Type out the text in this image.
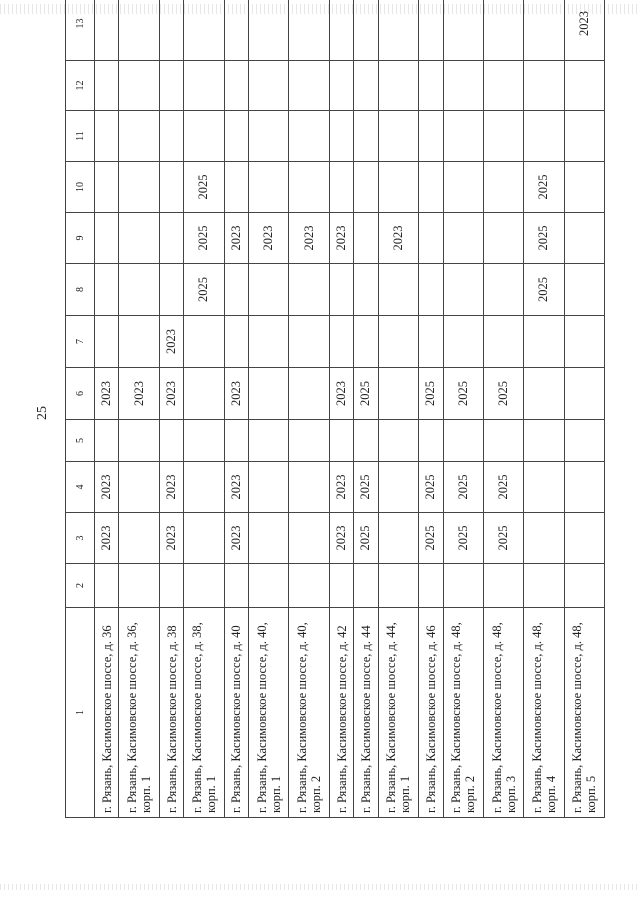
25
1	2	3	4	5	6	7	8	9	10	11	12	13
г. Рязань, Касимовское шоссе, д. 36		2023	2023		2023							
г. Рязань, Касимовское шоссе, д. 36, корп. 1					2023							
г. Рязань, Касимовское шоссе, д. 38		2023	2023		2023	2023						
г. Рязань, Касимовское шоссе, д. 38, корп. 1							2025	2025	2025			
г. Рязань, Касимовское шоссе, д. 40		2023	2023		2023			2023				
г. Рязань, Касимовское шоссе, д. 40, корп. 1								2023				
г. Рязань, Касимовское шоссе, д. 40, корп. 2								2023				
г. Рязань, Касимовское шоссе, д. 42		2023	2023		2023			2023				
г. Рязань, Касимовское шоссе, д. 44		2025	2025		2025							
г. Рязань, Касимовское шоссе, д. 44, корп. 1								2023				
г. Рязань, Касимовское шоссе, д. 46		2025	2025		2025							
г. Рязань, Касимовское шоссе, д. 48, корп. 2		2025	2025		2025							
г. Рязань, Касимовское шоссе, д. 48, корп. 3		2025	2025		2025							
г. Рязань, Касимовское шоссе, д. 48, корп. 4							2025	2025	2025			
г. Рязань, Касимовское шоссе, д. 48, корп. 5												2023
